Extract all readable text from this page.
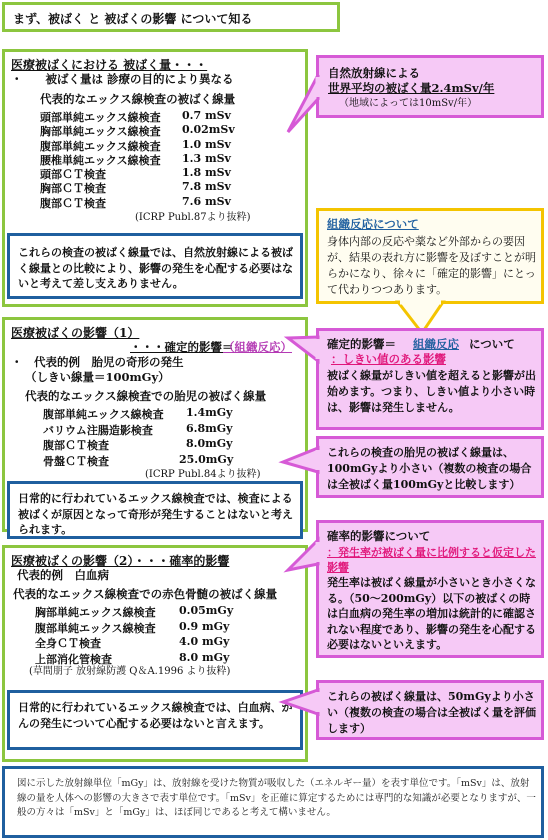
まず、被ばく と 被ばくの影響 について知る
医療被ばくにおける 被ばく量・・・
・　　被ばく量は 診療の目的により異なる
代表的なエックス線検査の被ばく線量
頭部単純エックス線検査 0.7 mSv
胸部単純エックス線検査 0.02mSv
腹部単純エックス線検査 1.0 mSv
腰椎単純エックス線検査 1.3 mSv
頭部ＣＴ検査	1.8 mSv
胸部ＣＴ検査	7.8 mSv
腹部ＣＴ検査	7.6 mSv
(ICRP Publ.87より抜粋)
これらの検査の被ばく線量では、自然放射線による被ばく線量との比較により、影響の発生を心配する必要はないと考えて差し支えありません。
自然放射線による
世界平均の被ばく量2.4mSv/年
（地域によっては10mSv/年）
組織反応について
身体内部の反応や薬など外部からの要因が、結果の表れ方に影響を及ぼすことが明らかになり、徐々に「確定的影響」にとって代わりつつあります。
医療被ばくの影響（1）
・・・確定的影響＝
（組織反応）
・　代表的例　胎児の奇形の発生
（しきい線量＝100mGy）
代表的なエックス線検査での胎児の被ばく線量
腹部単純エックス線検査 1.4mGy
バリウム注腸造影検査	6.8mGy
腹部ＣＴ検査	8.0mGy
骨盤ＣＴ検査	25.0mGy
(ICRP Publ.84より抜粋)
日常的に行われているエックス線検査では、検査による被ばくが原因となって奇形が発生することはないと考えられます。
確定的影響＝ 組織反応 について
：しきい値のある影響
被ばく線量がしきい値を超えると影響が出始めます。つまり、しきい値より小さい時は、影響は発生しません。
これらの検査の胎児の被ばく線量は、100mGyより小さい（複数の検査の場合は全被ばく量100mGyと比較します）
医療被ばくの影響（2）・・・確率的影響
代表的例　白血病
代表的なエックス線検査での赤色骨髄の被ばく線量
胸部単純エックス線検査 0.05mGy
腹部単純エックス線検査 0.9 mGy
全身ＣＴ検査	4.0 mGy
上部消化管検査	8.0 mGy
(草間朋子 放射線防護 Q＆A.1996 より抜粋)
日常的に行われているエックス線検査では、白血病、がんの発生について心配する必要はないと言えます。
確率的影響について
：発生率が被ばく量に比例すると仮定した影響
発生率は被ばく線量が小さいとき小さくなる。（50～200mGy）以下の被ばくの時は白血病の発生率の増加は統計的に確認されない程度であり、影響の発生を心配する必要はないといえます。
これらの被ばく線量は、50mGyより小さい（複数の検査の場合は全被ばく量を評価します）
図に示した放射線単位「mGy」は、放射線を受けた物質が吸収した（エネルギー量）を表す単位です。「mSv」は、放射線の量を人体への影響の大きさで表す単位です。「mSv」を正確に算定するためには専門的な知識が必要となりますが、一般の方々は「mSv」と「mGy」は、ほぼ同じであると考えて構いません。
